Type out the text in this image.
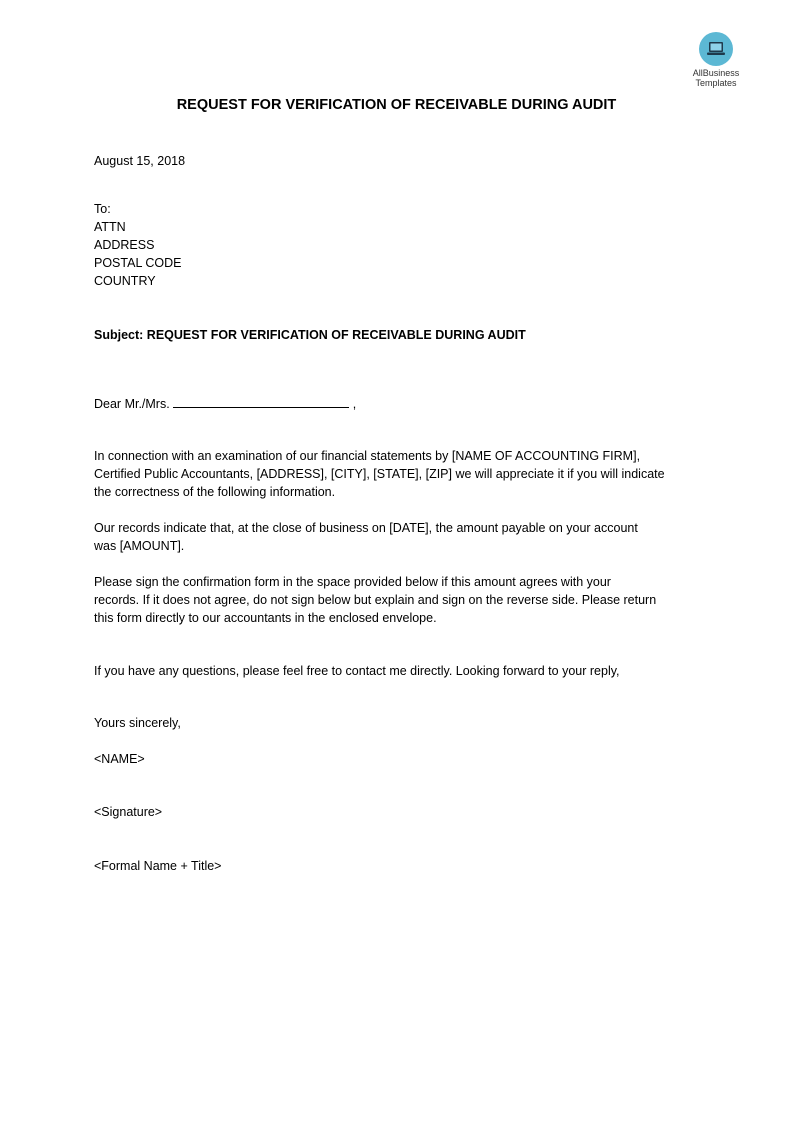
AllBusiness
Templates
REQUEST FOR VERIFICATION OF RECEIVABLE DURING AUDIT
August 15, 2018
To:
ATTN
ADDRESS
POSTAL CODE
COUNTRY
Subject: REQUEST FOR VERIFICATION OF RECEIVABLE DURING AUDIT
Dear Mr./Mrs.	,
In connection with an examination of our financial statements by [NAME OF ACCOUNTING FIRM],
Certified Public Accountants, [ADDRESS], [CITY], [STATE], [ZIP] we will appreciate it if you will indicate
the correctness of the following information.
Our records indicate that, at the close of business on [DATE], the amount payable on your account
was [AMOUNT].
Please sign the confirmation form in the space provided below if this amount agrees with your
records. If it does not agree, do not sign below but explain and sign on the reverse side. Please return
this form directly to our accountants in the enclosed envelope.
If you have any questions, please feel free to contact me directly. Looking forward to your reply,
Yours sincerely,
<NAME>
<Signature>
<Formal Name + Title>
